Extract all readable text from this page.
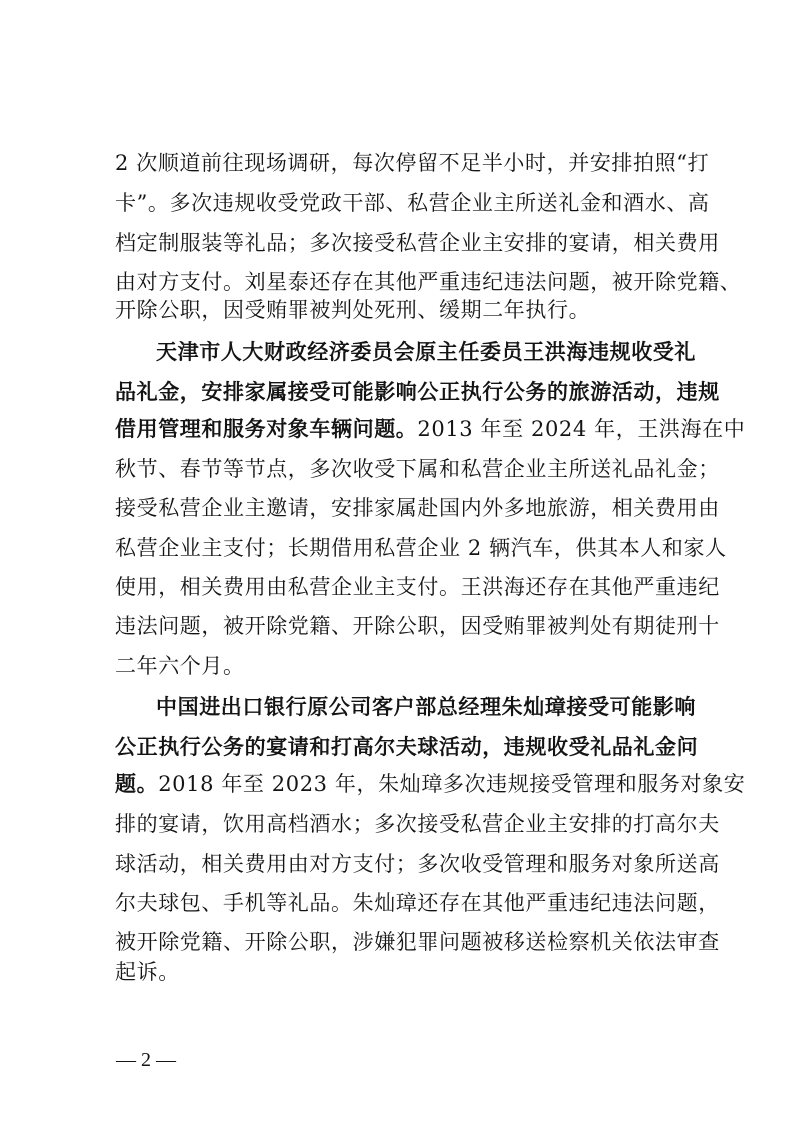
2 次顺道前往现场调研，每次停留不足半小时，并安排拍照“打
卡”。多次违规收受党政干部、私营企业主所送礼金和酒水、高
档定制服装等礼品；多次接受私营企业主安排的宴请，相关费用
由对方支付。刘星泰还存在其他严重违纪违法问题，被开除党籍、
开除公职，因受贿罪被判处死刑、缓期二年执行。
天津市人大财政经济委员会原主任委员王洪海违规收受礼
品礼金，安排家属接受可能影响公正执行公务的旅游活动，违规
借用管理和服务对象车辆问题。2013 年至 2024 年，王洪海在中
秋节、春节等节点，多次收受下属和私营企业主所送礼品礼金；
接受私营企业主邀请，安排家属赴国内外多地旅游，相关费用由
私营企业主支付；长期借用私营企业 2 辆汽车，供其本人和家人
使用，相关费用由私营企业主支付。王洪海还存在其他严重违纪
违法问题，被开除党籍、开除公职，因受贿罪被判处有期徒刑十
二年六个月。
中国进出口银行原公司客户部总经理朱灿璋接受可能影响
公正执行公务的宴请和打高尔夫球活动，违规收受礼品礼金问
题。2018 年至 2023 年，朱灿璋多次违规接受管理和服务对象安
排的宴请，饮用高档酒水；多次接受私营企业主安排的打高尔夫
球活动，相关费用由对方支付；多次收受管理和服务对象所送高
尔夫球包、手机等礼品。朱灿璋还存在其他严重违纪违法问题，
被开除党籍、开除公职，涉嫌犯罪问题被移送检察机关依法审查
起诉。
— 2 —
